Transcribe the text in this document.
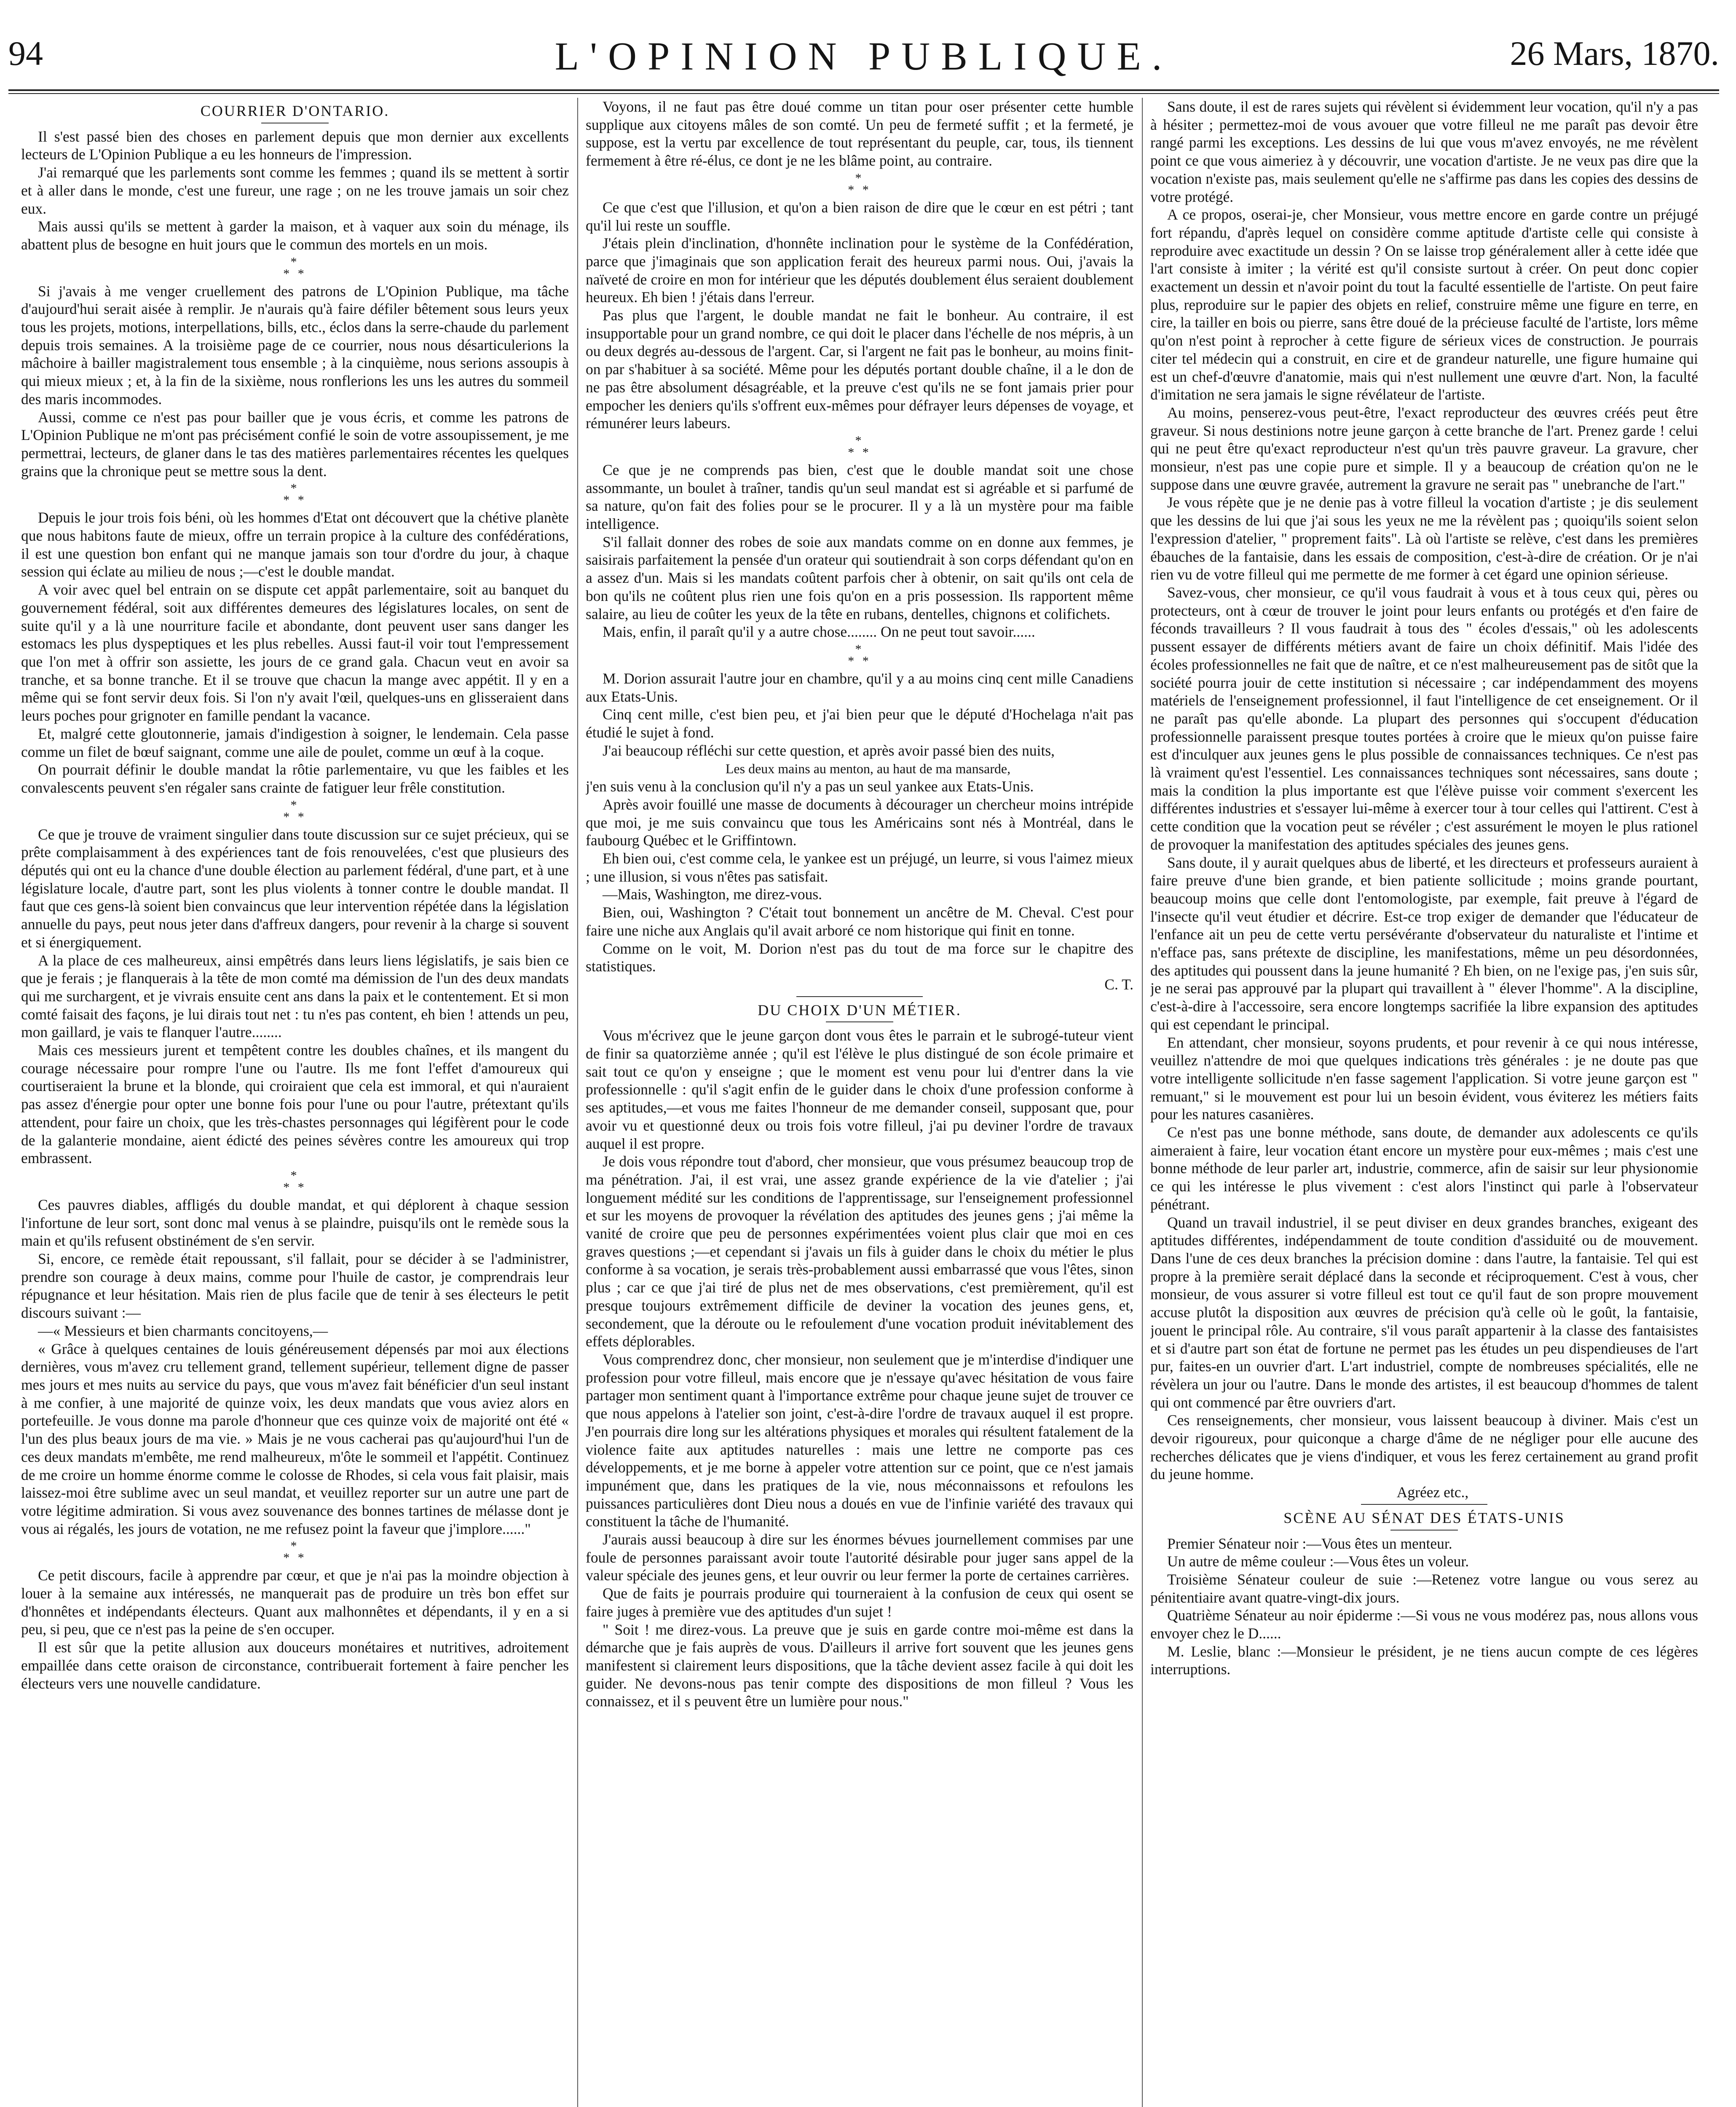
94	L'OPINION PUBLIQUE.	26 Mars, 1870.
COURRIER D'ONTARIO.

Il s'est passé bien des choses en parlement depuis que mon dernier aux excellents lecteurs de L'Opinion Publique a eu les honneurs de l'impression.

J'ai remarqué que les parlements sont comme les femmes ; quand ils se mettent à sortir et à aller dans le monde, c'est une fureur, une rage ; on ne les trouve jamais un soir chez eux.

Mais aussi qu'ils se mettent à garder la maison, et à vaquer aux soin du ménage, ils abattent plus de besogne en huit jours que le commun des mortels en un mois.

*
* *

Si j'avais à me venger cruellement des patrons de L'Opinion Publique, ma tâche d'aujourd'hui serait aisée à remplir. Je n'aurais qu'à faire défiler bêtement sous leurs yeux tous les projets, motions, interpellations, bills, etc., éclos dans la serre-chaude du parlement depuis trois semaines. A la troisième page de ce courrier, nous nous désarticulerions la mâchoire à bailler magistralement tous ensemble ; à la cinquième, nous serions assoupis à qui mieux mieux ; et, à la fin de la sixième, nous ronflerions les uns les autres du sommeil des maris incommodes.

Aussi, comme ce n'est pas pour bailler que je vous écris, et comme les patrons de L'Opinion Publique ne m'ont pas précisément confié le soin de votre assoupissement, je me permettrai, lecteurs, de glaner dans le tas des matières parlementaires récentes les quelques grains que la chronique peut se mettre sous la dent.

*
* *

Depuis le jour trois fois béni, où les hommes d'Etat ont découvert que la chétive planète que nous habitons faute de mieux, offre un terrain propice à la culture des confédérations, il est une question bon enfant qui ne manque jamais son tour d'ordre du jour, à chaque session qui éclate au milieu de nous ;—c'est le double mandat.

A voir avec quel bel entrain on se dispute cet appât parlementaire, soit au banquet du gouvernement fédéral, soit aux différentes demeures des législatures locales, on sent de suite qu'il y a là une nourriture facile et abondante, dont peuvent user sans danger les estomacs les plus dyspeptiques et les plus rebelles. Aussi faut-il voir tout l'empressement que l'on met à offrir son assiette, les jours de ce grand gala. Chacun veut en avoir sa tranche, et sa bonne tranche. Et il se trouve que chacun la mange avec appétit. Il y en a même qui se font servir deux fois. Si l'on n'y avait l'œil, quelques-uns en glisseraient dans leurs poches pour grignoter en famille pendant la vacance.

Et, malgré cette gloutonnerie, jamais d'indigestion à soigner, le lendemain. Cela passe comme un filet de bœuf saignant, comme une aile de poulet, comme un œuf à la coque.

On pourrait définir le double mandat la rôtie parlementaire, vu que les faibles et les convalescents peuvent s'en régaler sans crainte de fatiguer leur frêle constitution.

*
* *

Ce que je trouve de vraiment singulier dans toute discussion sur ce sujet précieux, qui se prête complaisamment à des expériences tant de fois renouvelées, c'est que plusieurs des députés qui ont eu la chance d'une double élection au parlement fédéral, d'une part, et à une législature locale, d'autre part, sont les plus violents à tonner contre le double mandat. Il faut que ces gens-là soient bien convaincus que leur intervention répétée dans la législation annuelle du pays, peut nous jeter dans d'affreux dangers, pour revenir à la charge si souvent et si énergiquement.

A la place de ces malheureux, ainsi empêtrés dans leurs liens législatifs, je sais bien ce que je ferais ; je flanquerais à la tête de mon comté ma démission de l'un des deux mandats qui me surchargent, et je vivrais ensuite cent ans dans la paix et le contentement. Et si mon comté faisait des façons, je lui dirais tout net : tu n'es pas content, eh bien ! attends un peu, mon gaillard, je vais te flanquer l'autre........

Mais ces messieurs jurent et tempêtent contre les doubles chaînes, et ils mangent du courage nécessaire pour rompre l'une ou l'autre. Ils me font l'effet d'amoureux qui courtiseraient la brune et la blonde, qui croiraient que cela est immoral, et qui n'auraient pas assez d'énergie pour opter une bonne fois pour l'une ou pour l'autre, prétextant qu'ils attendent, pour faire un choix, que les très-chastes personnages qui légifèrent pour le code de la galanterie mondaine, aient édicté des peines sévères contre les amoureux qui trop embrassent.

*
* *

Ces pauvres diables, affligés du double mandat, et qui déplorent à chaque session l'infortune de leur sort, sont donc mal venus à se plaindre, puisqu'ils ont le remède sous la main et qu'ils refusent obstinément de s'en servir.

Si, encore, ce remède était repoussant, s'il fallait, pour se décider à se l'administrer, prendre son courage à deux mains, comme pour l'huile de castor, je comprendrais leur répugnance et leur hésitation. Mais rien de plus facile que de tenir à ses électeurs le petit discours suivant :—

—« Messieurs et bien charmants concitoyens,—

« Grâce à quelques centaines de louis généreusement dépensés par moi aux élections dernières, vous m'avez cru tellement grand, tellement supérieur, tellement digne de passer mes jours et mes nuits au service du pays, que vous m'avez fait bénéficier d'un seul instant à me confier, à une majorité de quinze voix, les deux mandats que vous aviez alors en portefeuille. Je vous donne ma parole d'honneur que ces quinze voix de majorité ont été « l'un des plus beaux jours de ma vie. » Mais je ne vous cacherai pas qu'aujourd'hui l'un de ces deux mandats m'embête, me rend malheureux, m'ôte le sommeil et l'appétit. Continuez de me croire un homme énorme comme le colosse de Rhodes, si cela vous fait plaisir, mais laissez-moi être sublime avec un seul mandat, et veuillez reporter sur un autre une part de votre légitime admiration. Si vous avez souvenance des bonnes tartines de mélasse dont je vous ai régalés, les jours de votation, ne me refusez point la faveur que j'implore......"

*
* *

Ce petit discours, facile à apprendre par cœur, et que je n'ai pas la moindre objection à louer à la semaine aux intéressés, ne manquerait pas de produire un très bon effet sur d'honnêtes et indépendants électeurs. Quant aux malhonnêtes et dépendants, il y en a si peu, si peu, que ce n'est pas la peine de s'en occuper.

Il est sûr que la petite allusion aux douceurs monétaires et nutritives, adroitement empaillée dans cette oraison de circonstance, contribuerait fortement à faire pencher les électeurs vers une nouvelle candidature.

Voyons, il ne faut pas être doué comme un titan pour oser présenter cette humble supplique aux citoyens mâles de son comté. Un peu de fermeté suffit ; et la fermeté, je suppose, est la vertu par excellence de tout représentant du peuple, car, tous, ils tiennent fermement à être ré-élus, ce dont je ne les blâme point, au contraire.

*
* *

Ce que c'est que l'illusion, et qu'on a bien raison de dire que le cœur en est pétri ; tant qu'il lui reste un souffle.

J'étais plein d'inclination, d'honnête inclination pour le système de la Confédération, parce que j'imaginais que son application ferait des heureux parmi nous. Oui, j'avais la naïveté de croire en mon for intérieur que les députés doublement élus seraient doublement heureux. Eh bien ! j'étais dans l'erreur.

Pas plus que l'argent, le double mandat ne fait le bonheur. Au contraire, il est insupportable pour un grand nombre, ce qui doit le placer dans l'échelle de nos mépris, à un ou deux degrés au-dessous de l'argent. Car, si l'argent ne fait pas le bonheur, au moins finit-on par s'habituer à sa société. Même pour les députés portant double chaîne, il a le don de ne pas être absolument désagréable, et la preuve c'est qu'ils ne se font jamais prier pour empocher les deniers qu'ils s'offrent eux-mêmes pour défrayer leurs dépenses de voyage, et rémunérer leurs labeurs.

*
* *

Ce que je ne comprends pas bien, c'est que le double mandat soit une chose assommante, un boulet à traîner, tandis qu'un seul mandat est si agréable et si parfumé de sa nature, qu'on fait des folies pour se le procurer. Il y a là un mystère pour ma faible intelligence.

S'il fallait donner des robes de soie aux mandats comme on en donne aux femmes, je saisirais parfaitement la pensée d'un orateur qui soutiendrait à son corps défendant qu'on en a assez d'un. Mais si les mandats coûtent parfois cher à obtenir, on sait qu'ils ont cela de bon qu'ils ne coûtent plus rien une fois qu'on en a pris possession. Ils rapportent même salaire, au lieu de coûter les yeux de la tête en rubans, dentelles, chignons et colifichets.

Mais, enfin, il paraît qu'il y a autre chose........ On ne peut tout savoir......

*
* *

M. Dorion assurait l'autre jour en chambre, qu'il y a au moins cinq cent mille Canadiens aux Etats-Unis.

Cinq cent mille, c'est bien peu, et j'ai bien peur que le député d'Hochelaga n'ait pas étudié le sujet à fond.

J'ai beaucoup réfléchi sur cette question, et après avoir passé bien des nuits,

Les deux mains au menton, au haut de ma mansarde,

j'en suis venu à la conclusion qu'il n'y a pas un seul yankee aux Etats-Unis.

Après avoir fouillé une masse de documents à décourager un chercheur moins intrépide que moi, je me suis convaincu que tous les Américains sont nés à Montréal, dans le faubourg Québec et le Griffintown.

Eh bien oui, c'est comme cela, le yankee est un préjugé, un leurre, si vous l'aimez mieux ; une illusion, si vous n'êtes pas satisfait.

—Mais, Washington, me direz-vous.

Bien, oui, Washington ? C'était tout bonnement un ancêtre de M. Cheval. C'est pour faire une niche aux Anglais qu'il avait arboré ce nom historique qui finit en tonne.

Comme on le voit, M. Dorion n'est pas du tout de ma force sur le chapitre des statistiques.

C. T.

DU CHOIX D'UN MÉTIER.

Vous m'écrivez que le jeune garçon dont vous êtes le parrain et le subrogé-tuteur vient de finir sa quatorzième année ; qu'il est l'élève le plus distingué de son école primaire et sait tout ce qu'on y enseigne ; que le moment est venu pour lui d'entrer dans la vie professionnelle : qu'il s'agit enfin de le guider dans le choix d'une profession conforme à ses aptitudes,—et vous me faites l'honneur de me demander conseil, supposant que, pour avoir vu et questionné deux ou trois fois votre filleul, j'ai pu deviner l'ordre de travaux auquel il est propre.

Je dois vous répondre tout d'abord, cher monsieur, que vous présumez beaucoup trop de ma pénétration. J'ai, il est vrai, une assez grande expérience de la vie d'atelier ; j'ai longuement médité sur les conditions de l'apprentissage, sur l'enseignement professionnel et sur les moyens de provoquer la révélation des aptitudes des jeunes gens ; j'ai même la vanité de croire que peu de personnes expérimentées voient plus clair que moi en ces graves questions ;—et cependant si j'avais un fils à guider dans le choix du métier le plus conforme à sa vocation, je serais très-probablement aussi embarrassé que vous l'êtes, sinon plus ; car ce que j'ai tiré de plus net de mes observations, c'est premièrement, qu'il est presque toujours extrêmement difficile de deviner la vocation des jeunes gens, et, secondement, que la déroute ou le refoulement d'une vocation produit inévitablement des effets déplorables.

Vous comprendrez donc, cher monsieur, non seulement que je m'interdise d'indiquer une profession pour votre filleul, mais encore que je n'essaye qu'avec hésitation de vous faire partager mon sentiment quant à l'importance extrême pour chaque jeune sujet de trouver ce que nous appelons à l'atelier son joint, c'est-à-dire l'ordre de travaux auquel il est propre. J'en pourrais dire long sur les altérations physiques et morales qui résultent fatalement de la violence faite aux aptitudes naturelles : mais une lettre ne comporte pas ces développements, et je me borne à appeler votre attention sur ce point, que ce n'est jamais impunément que, dans les pratiques de la vie, nous méconnaissons et refoulons les puissances particulières dont Dieu nous a doués en vue de l'infinie variété des travaux qui constituent la tâche de l'humanité.

J'aurais aussi beaucoup à dire sur les énormes bévues journellement commises par une foule de personnes paraissant avoir toute l'autorité désirable pour juger sans appel de la valeur spéciale des jeunes gens, et leur ouvrir ou leur fermer la porte de certaines carrières.

Que de faits je pourrais produire qui tourneraient à la confusion de ceux qui osent se faire juges à première vue des aptitudes d'un sujet !

" Soit ! me direz-vous. La preuve que je suis en garde contre moi-même est dans la démarche que je fais auprès de vous. D'ailleurs il arrive fort souvent que les jeunes gens manifestent si clairement leurs dispositions, que la tâche devient assez facile à qui doit les guider. Ne devons-nous pas tenir compte des dispositions de mon filleul ? Vous les connaissez, et il s peuvent être un lumière pour nous."

Sans doute, il est de rares sujets qui révèlent si évidemment leur vocation, qu'il n'y a pas à hésiter ; permettez-moi de vous avouer que votre filleul ne me paraît pas devoir être rangé parmi les exceptions. Les dessins de lui que vous m'avez envoyés, ne me révèlent point ce que vous aimeriez à y découvrir, une vocation d'artiste. Je ne veux pas dire que la vocation n'existe pas, mais seulement qu'elle ne s'affirme pas dans les copies des dessins de votre protégé.

A ce propos, oserai-je, cher Monsieur, vous mettre encore en garde contre un préjugé fort répandu, d'après lequel on considère comme aptitude d'artiste celle qui consiste à reproduire avec exactitude un dessin ? On se laisse trop généralement aller à cette idée que l'art consiste à imiter ; la vérité est qu'il consiste surtout à créer. On peut donc copier exactement un dessin et n'avoir point du tout la faculté essentielle de l'artiste. On peut faire plus, reproduire sur le papier des objets en relief, construire même une figure en terre, en cire, la tailler en bois ou pierre, sans être doué de la précieuse faculté de l'artiste, lors même qu'on n'est point à reprocher à cette figure de sérieux vices de construction. Je pourrais citer tel médecin qui a construit, en cire et de grandeur naturelle, une figure humaine qui est un chef-d'œuvre d'anatomie, mais qui n'est nullement une œuvre d'art. Non, la faculté d'imitation ne sera jamais le signe révélateur de l'artiste.

Au moins, penserez-vous peut-être, l'exact reproducteur des œuvres créés peut être graveur. Si nous destinions notre jeune garçon à cette branche de l'art. Prenez garde ! celui qui ne peut être qu'exact reproducteur n'est qu'un très pauvre graveur. La gravure, cher monsieur, n'est pas une copie pure et simple. Il y a beaucoup de création qu'on ne le suppose dans une œuvre gravée, autrement la gravure ne serait pas " unebranche de l'art."

Je vous répète que je ne denie pas à votre filleul la vocation d'artiste ; je dis seulement que les dessins de lui que j'ai sous les yeux ne me la révèlent pas ; quoiqu'ils soient selon l'expression d'atelier, " proprement faits". Là où l'artiste se relève, c'est dans les premières ébauches de la fantaisie, dans les essais de composition, c'est-à-dire de création. Or je n'ai rien vu de votre filleul qui me permette de me former à cet égard une opinion sérieuse.

Savez-vous, cher monsieur, ce qu'il vous faudrait à vous et à tous ceux qui, pères ou protecteurs, ont à cœur de trouver le joint pour leurs enfants ou protégés et d'en faire de féconds travailleurs ? Il vous faudrait à tous des " écoles d'essais," où les adolescents pussent essayer de différents métiers avant de faire un choix définitif. Mais l'idée des écoles professionnelles ne fait que de naître, et ce n'est malheureusement pas de sitôt que la société pourra jouir de cette institution si nécessaire ; car indépendamment des moyens matériels de l'enseignement professionnel, il faut l'intelligence de cet enseignement. Or il ne paraît pas qu'elle abonde. La plupart des personnes qui s'occupent d'éducation professionnelle paraissent presque toutes portées à croire que le mieux qu'on puisse faire est d'inculquer aux jeunes gens le plus possible de connaissances techniques. Ce n'est pas là vraiment qu'est l'essentiel. Les connaissances techniques sont nécessaires, sans doute ; mais la condition la plus importante est que l'élève puisse voir comment s'exercent les différentes industries et s'essayer lui-même à exercer tour à tour celles qui l'attirent. C'est à cette condition que la vocation peut se révéler ; c'est assurément le moyen le plus rationel de provoquer la manifestation des aptitudes spéciales des jeunes gens.

Sans doute, il y aurait quelques abus de liberté, et les directeurs et professeurs auraient à faire preuve d'une bien grande, et bien patiente sollicitude ; moins grande pourtant, beaucoup moins que celle dont l'entomologiste, par exemple, fait preuve à l'égard de l'insecte qu'il veut étudier et décrire. Est-ce trop exiger de demander que l'éducateur de l'enfance ait un peu de cette vertu persévérante d'observateur du naturaliste et l'intime et n'efface pas, sans prétexte de discipline, les manifestations, même un peu désordonnées, des aptitudes qui poussent dans la jeune humanité ? Eh bien, on ne l'exige pas, j'en suis sûr, je ne serai pas approuvé par la plupart qui travaillent à " élever l'homme". A la discipline, c'est-à-dire à l'accessoire, sera encore longtemps sacrifiée la libre expansion des aptitudes qui est cependant le principal.

En attendant, cher monsieur, soyons prudents, et pour revenir à ce qui nous intéresse, veuillez n'attendre de moi que quelques indications très générales : je ne doute pas que votre intelligente sollicitude n'en fasse sagement l'application. Si votre jeune garçon est " remuant," si le mouvement est pour lui un besoin évident, vous éviterez les métiers faits pour les natures casanières.

Ce n'est pas une bonne méthode, sans doute, de demander aux adolescents ce qu'ils aimeraient à faire, leur vocation étant encore un mystère pour eux-mêmes ; mais c'est une bonne méthode de leur parler art, industrie, commerce, afin de saisir sur leur physionomie ce qui les intéresse le plus vivement : c'est alors l'instinct qui parle à l'observateur pénétrant.

Quand un travail industriel, il se peut diviser en deux grandes branches, exigeant des aptitudes différentes, indépendamment de toute condition d'assiduité ou de mouvement. Dans l'une de ces deux branches la précision domine : dans l'autre, la fantaisie. Tel qui est propre à la première serait déplacé dans la seconde et réciproquement. C'est à vous, cher monsieur, de vous assurer si votre filleul est tout ce qu'il faut de son propre mouvement accuse plutôt la disposition aux œuvres de précision qu'à celle où le goût, la fantaisie, jouent le principal rôle. Au contraire, s'il vous paraît appartenir à la classe des fantaisistes et si d'autre part son état de fortune ne permet pas les études un peu dispendieuses de l'art pur, faites-en un ouvrier d'art. L'art industriel, compte de nombreuses spécialités, elle ne révèlera un jour ou l'autre. Dans le monde des artistes, il est beaucoup d'hommes de talent qui ont commencé par être ouvriers d'art.

Ces renseignements, cher monsieur, vous laissent beaucoup à diviner. Mais c'est un devoir rigoureux, pour quiconque a charge d'âme de ne négliger pour elle aucune des recherches délicates que je viens d'indiquer, et vous les ferez certainement au grand profit du jeune homme.

Agréez etc.,

SCÈNE AU SÉNAT DES ÉTATS-UNIS

Premier Sénateur noir :—Vous êtes un menteur.

Un autre de même couleur :—Vous êtes un voleur.

Troisième Sénateur couleur de suie :—Retenez votre langue ou vous serez au pénitentiaire avant quatre-vingt-dix jours.

Quatrième Sénateur au noir épiderme :—Si vous ne vous modérez pas, nous allons vous envoyer chez le D......

M. Leslie, blanc :—Monsieur le président, je ne tiens aucun compte de ces légères interruptions.
